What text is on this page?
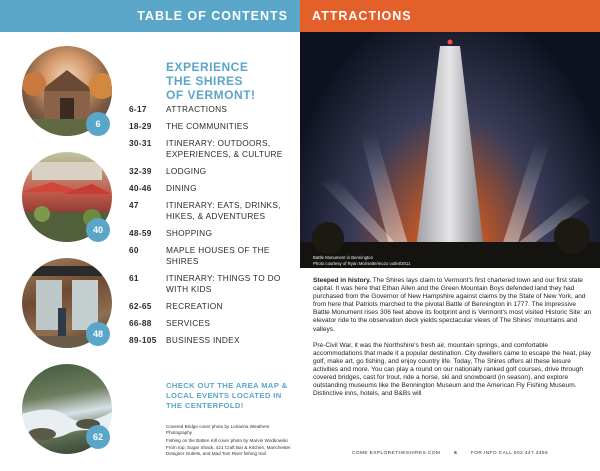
TABLE OF CONTENTS
6
40
48
62
EXPERIENCE
THE SHIRES
OF VERMONT!
6-17	ATTRACTIONS
18-29	THE COMMUNITIES
30-31	ITINERARY: OUTDOORS, EXPERIENCES, & CULTURE
32-39	LODGING
40-46	DINING
47	ITINERARY: EATS, DRINKS, HIKES, & ADVENTURES
48-59	SHOPPING
60	MAPLE HOUSES OF THE SHIRES
61	ITINERARY: THINGS TO DO WITH KIDS
62-65	RECREATION
66-88	SERVICES
89-105	BUSINESS INDEX
CHECK OUT THE AREA MAP & LOCAL EVENTS LOCATED IN THE CENTERFOLD!

Covered Bridge cover photo by Lorianna Weathers Photography

Fishing on the Batten Kill cover photo by Marvin Wodkowski

From top: Sugar Shack, 421 Craft Bar & Kitchen, Manchester Designer Outlets, and Mad Tom River fishing trail

ATTRACTIONS
Battle Monument in Bennington
Photo courtesy of Ryan Morisette/mozo outlet/2011

Steeped in history. The Shires lays claim to Vermont's first chartered town and our first state capital. It was here that Ethan Allen and the Green Mountain Boys defended land they had purchased from the Governor of New Hampshire against claims by the State of New York, and from here that Patriots marched to the pivotal Battle of Bennington in 1777. The impressive Battle Monument rises 306 feet above its footprint and is Vermont's most visited Historic Site: an elevator ride to the observation deck yields spectacular views of The Shires' mountains and valleys.

Pre-Civil War, it was the Northshire's fresh air, mountain springs, and comfortable accommodations that made it a popular destination. City dwellers came to escape the heat, play golf, make art, go fishing, and enjoy country life. Today, The Shires offers all these leisure activities and more. You can play a round on our nationally ranked golf courses, drive through covered bridges, cast for trout, ride a horse, ski and snowboard (in season), and explore outstanding museums like the Bennington Museum and the American Fly Fishing Museum. Distinctive inns, hotels, and B&Bs will

COME EXPLORETHESHIRES.COM	6	FOR INFO CALL 802.447.3456
